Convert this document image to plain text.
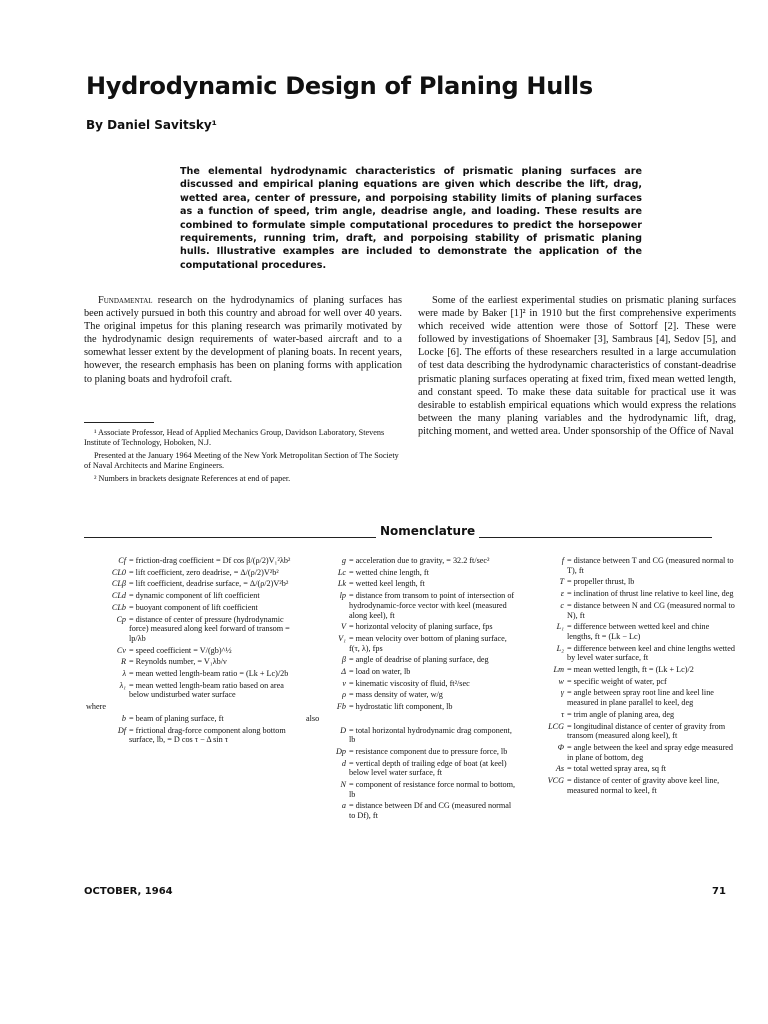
Hydrodynamic Design of Planing Hulls
By Daniel Savitsky¹
The elemental hydrodynamic characteristics of prismatic planing surfaces are discussed and empirical planing equations are given which describe the lift, drag, wetted area, center of pressure, and porpoising stability limits of planing surfaces as a function of speed, trim angle, deadrise angle, and loading. These results are combined to formulate simple computational procedures to predict the horsepower requirements, running trim, draft, and porpoising stability of prismatic planing hulls. Illustrative examples are included to demonstrate the application of the computational procedures.

Fundamental research on the hydrodynamics of planing surfaces has been actively pursued in both this country and abroad for well over 40 years. The original impetus for this planing research was primarily motivated by the hydrodynamic design requirements of water-based aircraft and to a somewhat lesser extent by the development of planing boats. In recent years, however, the research emphasis has been on planing forms with application to planing boats and hydrofoil craft.

¹ Associate Professor, Head of Applied Mechanics Group, Davidson Laboratory, Stevens Institute of Technology, Hoboken, N.J.

Presented at the January 1964 Meeting of the New York Metropolitan Section of The Society of Naval Architects and Marine Engineers.

² Numbers in brackets designate References at end of paper.

Some of the earliest experimental studies on prismatic planing surfaces were made by Baker [1]² in 1910 but the first comprehensive experiments which received wide attention were those of Sottorf [2]. These were followed by investigations of Shoemaker [3], Sambraus [4], Sedov [5], and Locke [6]. The efforts of these researchers resulted in a large accumulation of test data describing the hydrodynamic characteristics of constant-deadrise prismatic planing surfaces operating at fixed trim, fixed mean wetted length, and constant speed. To make these data suitable for practical use it was desirable to establish empirical equations which would express the relations between the many planing variables and the hydrodynamic lift, drag, pitching moment, and wetted area. Under sponsorship of the Office of Naval

Nomenclature
Cf = friction-drag coefficient = Df cos β/(ρ/2)V₁²λb²
CL0 = lift coefficient, zero deadrise, = Δ/(ρ/2)V²b²
CLβ = lift coefficient, deadrise surface, = Δ/(ρ/2)V²b²
CLd = dynamic component of lift coefficient
CLb = buoyant component of lift coefficient
Cp = distance of center of pressure (hydrodynamic force) measured along keel forward of transom = lp/λb
Cv = speed coefficient = V/(gb)^½
R = Reynolds number, = V₁λb/ν
λ = mean wetted length-beam ratio = (Lk + Lc)/2b
λ₁ = mean wetted length-beam ratio based on area below undisturbed water surface
where
b = beam of planing surface, ft
Df = frictional drag-force component along bottom surface, lb, = D cos τ − Δ sin τ
g = acceleration due to gravity, = 32.2 ft/sec²
Lc = wetted chine length, ft
Lk = wetted keel length, ft
lp = distance from transom to point of intersection of hydrodynamic-force vector with keel (measured along keel), ft
V = horizontal velocity of planing surface, fps
V₁ = mean velocity over bottom of planing surface, f(τ, λ), fps
β = angle of deadrise of planing surface, deg
Δ = load on water, lb
ν = kinematic viscosity of fluid, ft²/sec
ρ = mass density of water, w/g
Fb = hydrostatic lift component, lb
also
D = total horizontal hydrodynamic drag component, lb
Dp = resistance component due to pressure force, lb
d = vertical depth of trailing edge of boat (at keel) below level water surface, ft
N = component of resistance force normal to bottom, lb
a = distance between Df and CG (measured normal to Df), ft
f = distance between T and CG (measured normal to T), ft
T = propeller thrust, lb
ε = inclination of thrust line relative to keel line, deg
c = distance between N and CG (measured normal to N), ft
L₁ = difference between wetted keel and chine lengths, ft = (Lk − Lc)
L₂ = difference between keel and chine lengths wetted by level water surface, ft
Lm = mean wetted length, ft = (Lk + Lc)/2
w = specific weight of water, pcf
γ = angle between spray root line and keel line measured in plane parallel to keel, deg
τ = trim angle of planing area, deg
LCG = longitudinal distance of center of gravity from transom (measured along keel), ft
Φ = angle between the keel and spray edge measured in plane of bottom, deg
As = total wetted spray area, sq ft
VCG = distance of center of gravity above keel line, measured normal to keel, ft
OCTOBER, 1964	71
